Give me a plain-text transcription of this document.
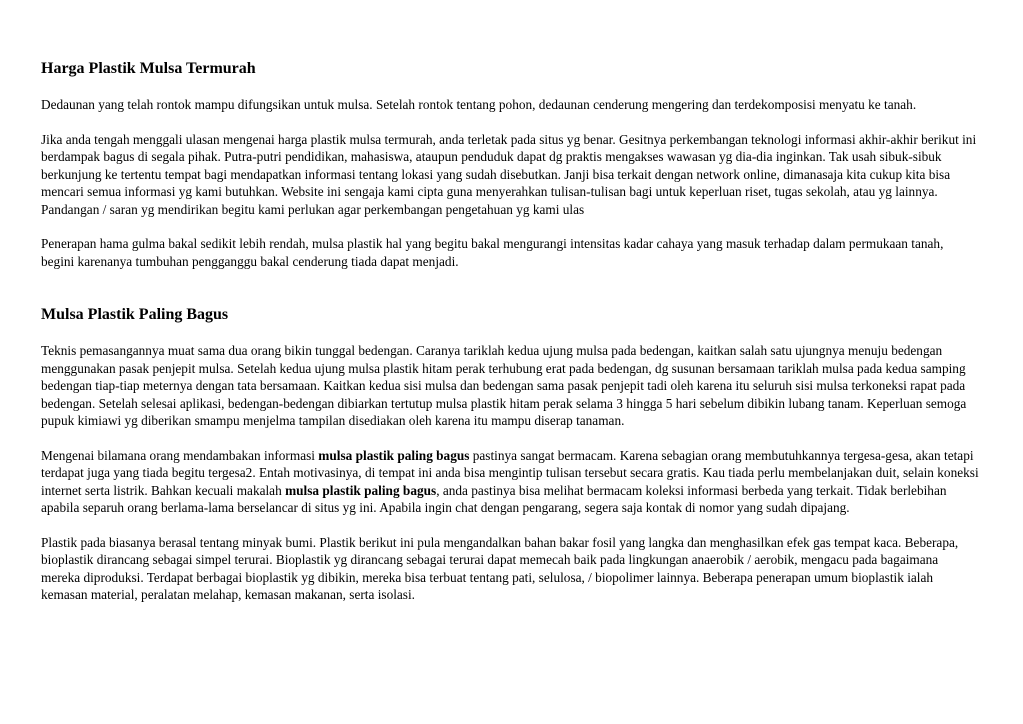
Harga Plastik Mulsa Termurah

Dedaunan yang telah rontok mampu difungsikan untuk mulsa. Setelah rontok tentang pohon, dedaunan cenderung mengering dan terdekomposisi menyatu ke tanah.

Jika anda tengah menggali ulasan mengenai harga plastik mulsa termurah, anda terletak pada situs yg benar. Gesitnya perkembangan teknologi informasi akhir-akhir berikut ini berdampak bagus di segala pihak. Putra-putri pendidikan, mahasiswa, ataupun penduduk dapat dg praktis mengakses wawasan yg dia-dia inginkan. Tak usah sibuk-sibuk berkunjung ke tertentu tempat bagi mendapatkan informasi tentang lokasi yang sudah disebutkan. Janji bisa terkait dengan network online, dimanasaja kita cukup kita bisa mencari semua informasi yg kami butuhkan. Website ini sengaja kami cipta guna menyerahkan tulisan-tulisan bagi untuk keperluan riset, tugas sekolah, atau yg lainnya. Pandangan / saran yg mendirikan begitu kami perlukan agar perkembangan pengetahuan yg kami ulas

Penerapan hama gulma bakal sedikit lebih rendah, mulsa plastik hal yang begitu bakal mengurangi intensitas kadar cahaya yang masuk terhadap dalam permukaan tanah, begini karenanya tumbuhan pengganggu bakal cenderung tiada dapat menjadi.

Mulsa Plastik Paling Bagus

Teknis pemasangannya muat sama dua orang bikin tunggal bedengan. Caranya tariklah kedua ujung mulsa pada bedengan, kaitkan salah satu ujungnya menuju bedengan menggunakan pasak penjepit mulsa. Setelah kedua ujung mulsa plastik hitam perak terhubung erat pada bedengan, dg susunan bersamaan tariklah mulsa pada kedua samping bedengan tiap-tiap meternya dengan tata bersamaan. Kaitkan kedua sisi mulsa dan bedengan sama pasak penjepit tadi oleh karena itu seluruh sisi mulsa terkoneksi rapat pada bedengan. Setelah selesai aplikasi, bedengan-bedengan dibiarkan tertutup mulsa plastik hitam perak selama 3 hingga 5 hari sebelum dibikin lubang tanam. Keperluan semoga pupuk kimiawi yg diberikan smampu menjelma tampilan disediakan oleh karena itu mampu diserap tanaman.

Mengenai bilamana orang mendambakan informasi mulsa plastik paling bagus pastinya sangat bermacam. Karena sebagian orang membutuhkannya tergesa-gesa, akan tetapi terdapat juga yang tiada begitu tergesa2. Entah motivasinya, di tempat ini anda bisa mengintip tulisan tersebut secara gratis. Kau tiada perlu membelanjakan duit, selain koneksi internet serta listrik. Bahkan kecuali makalah mulsa plastik paling bagus, anda pastinya bisa melihat bermacam koleksi informasi berbeda yang terkait. Tidak berlebihan apabila separuh orang berlama-lama berselancar di situs yg ini. Apabila ingin chat dengan pengarang, segera saja kontak di nomor yang sudah dipajang.

Plastik pada biasanya berasal tentang minyak bumi. Plastik berikut ini pula mengandalkan bahan bakar fosil yang langka dan menghasilkan efek gas tempat kaca. Beberapa, bioplastik dirancang sebagai simpel terurai. Bioplastik yg dirancang sebagai terurai dapat memecah baik pada lingkungan anaerobik / aerobik, mengacu pada bagaimana mereka diproduksi. Terdapat berbagai bioplastik yg dibikin, mereka bisa terbuat tentang pati, selulosa, / biopolimer lainnya. Beberapa penerapan umum bioplastik ialah kemasan material, peralatan melahap, kemasan makanan, serta isolasi.
